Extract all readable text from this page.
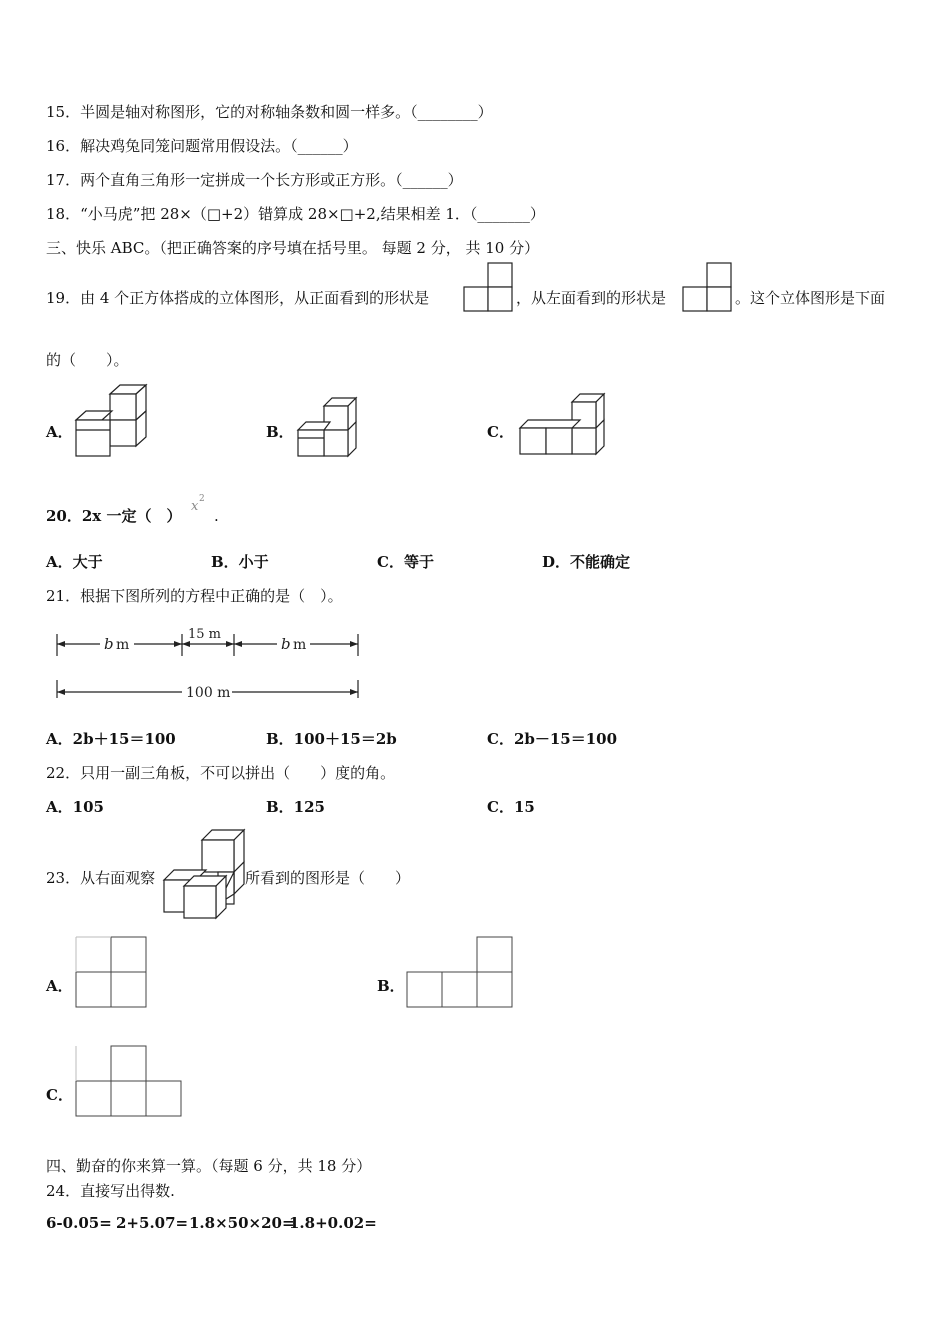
15．半圆是轴对称图形，它的对称轴条数和圆一样多。（________）
16．解决鸡兔同笼问题常用假设法。（______）
17．两个直角三角形一定拼成一个长方形或正方形。（______）
18．“小马虎”把 28×（□+2）错算成 28×□+2,结果相差 1．（_______）
三、快乐 ABC。（把正确答案的序号填在括号里。 每题 2 分， 共 10 分）
19．由 4 个正方体搭成的立体图形，从正面看到的形状是	，从左面看到的形状是	。这个立体图形是下面
的（　　）。
A．	B．	C．
20．2x 一定（　）
x 2
.
A．大于	B．小于	C．等于	D．不能确定
21．根据下图所列的方程中正确的是（　）。
b m
15 m
b m
100 m
A．2b＋15＝100	B．100＋15＝2b	C．2b－15＝100
22．只用一副三角板，不可以拼出（　　）度的角。
A．105	B．125	C．15
23．从右面观察	所看到的图形是（　　）
A．	B．
C．
四、勤奋的你来算一算。（每题 6 分，共 18 分）
24．直接写出得数.
6-0.05= 2+5.07= 1.8×50×20=
1.8+0.02=
